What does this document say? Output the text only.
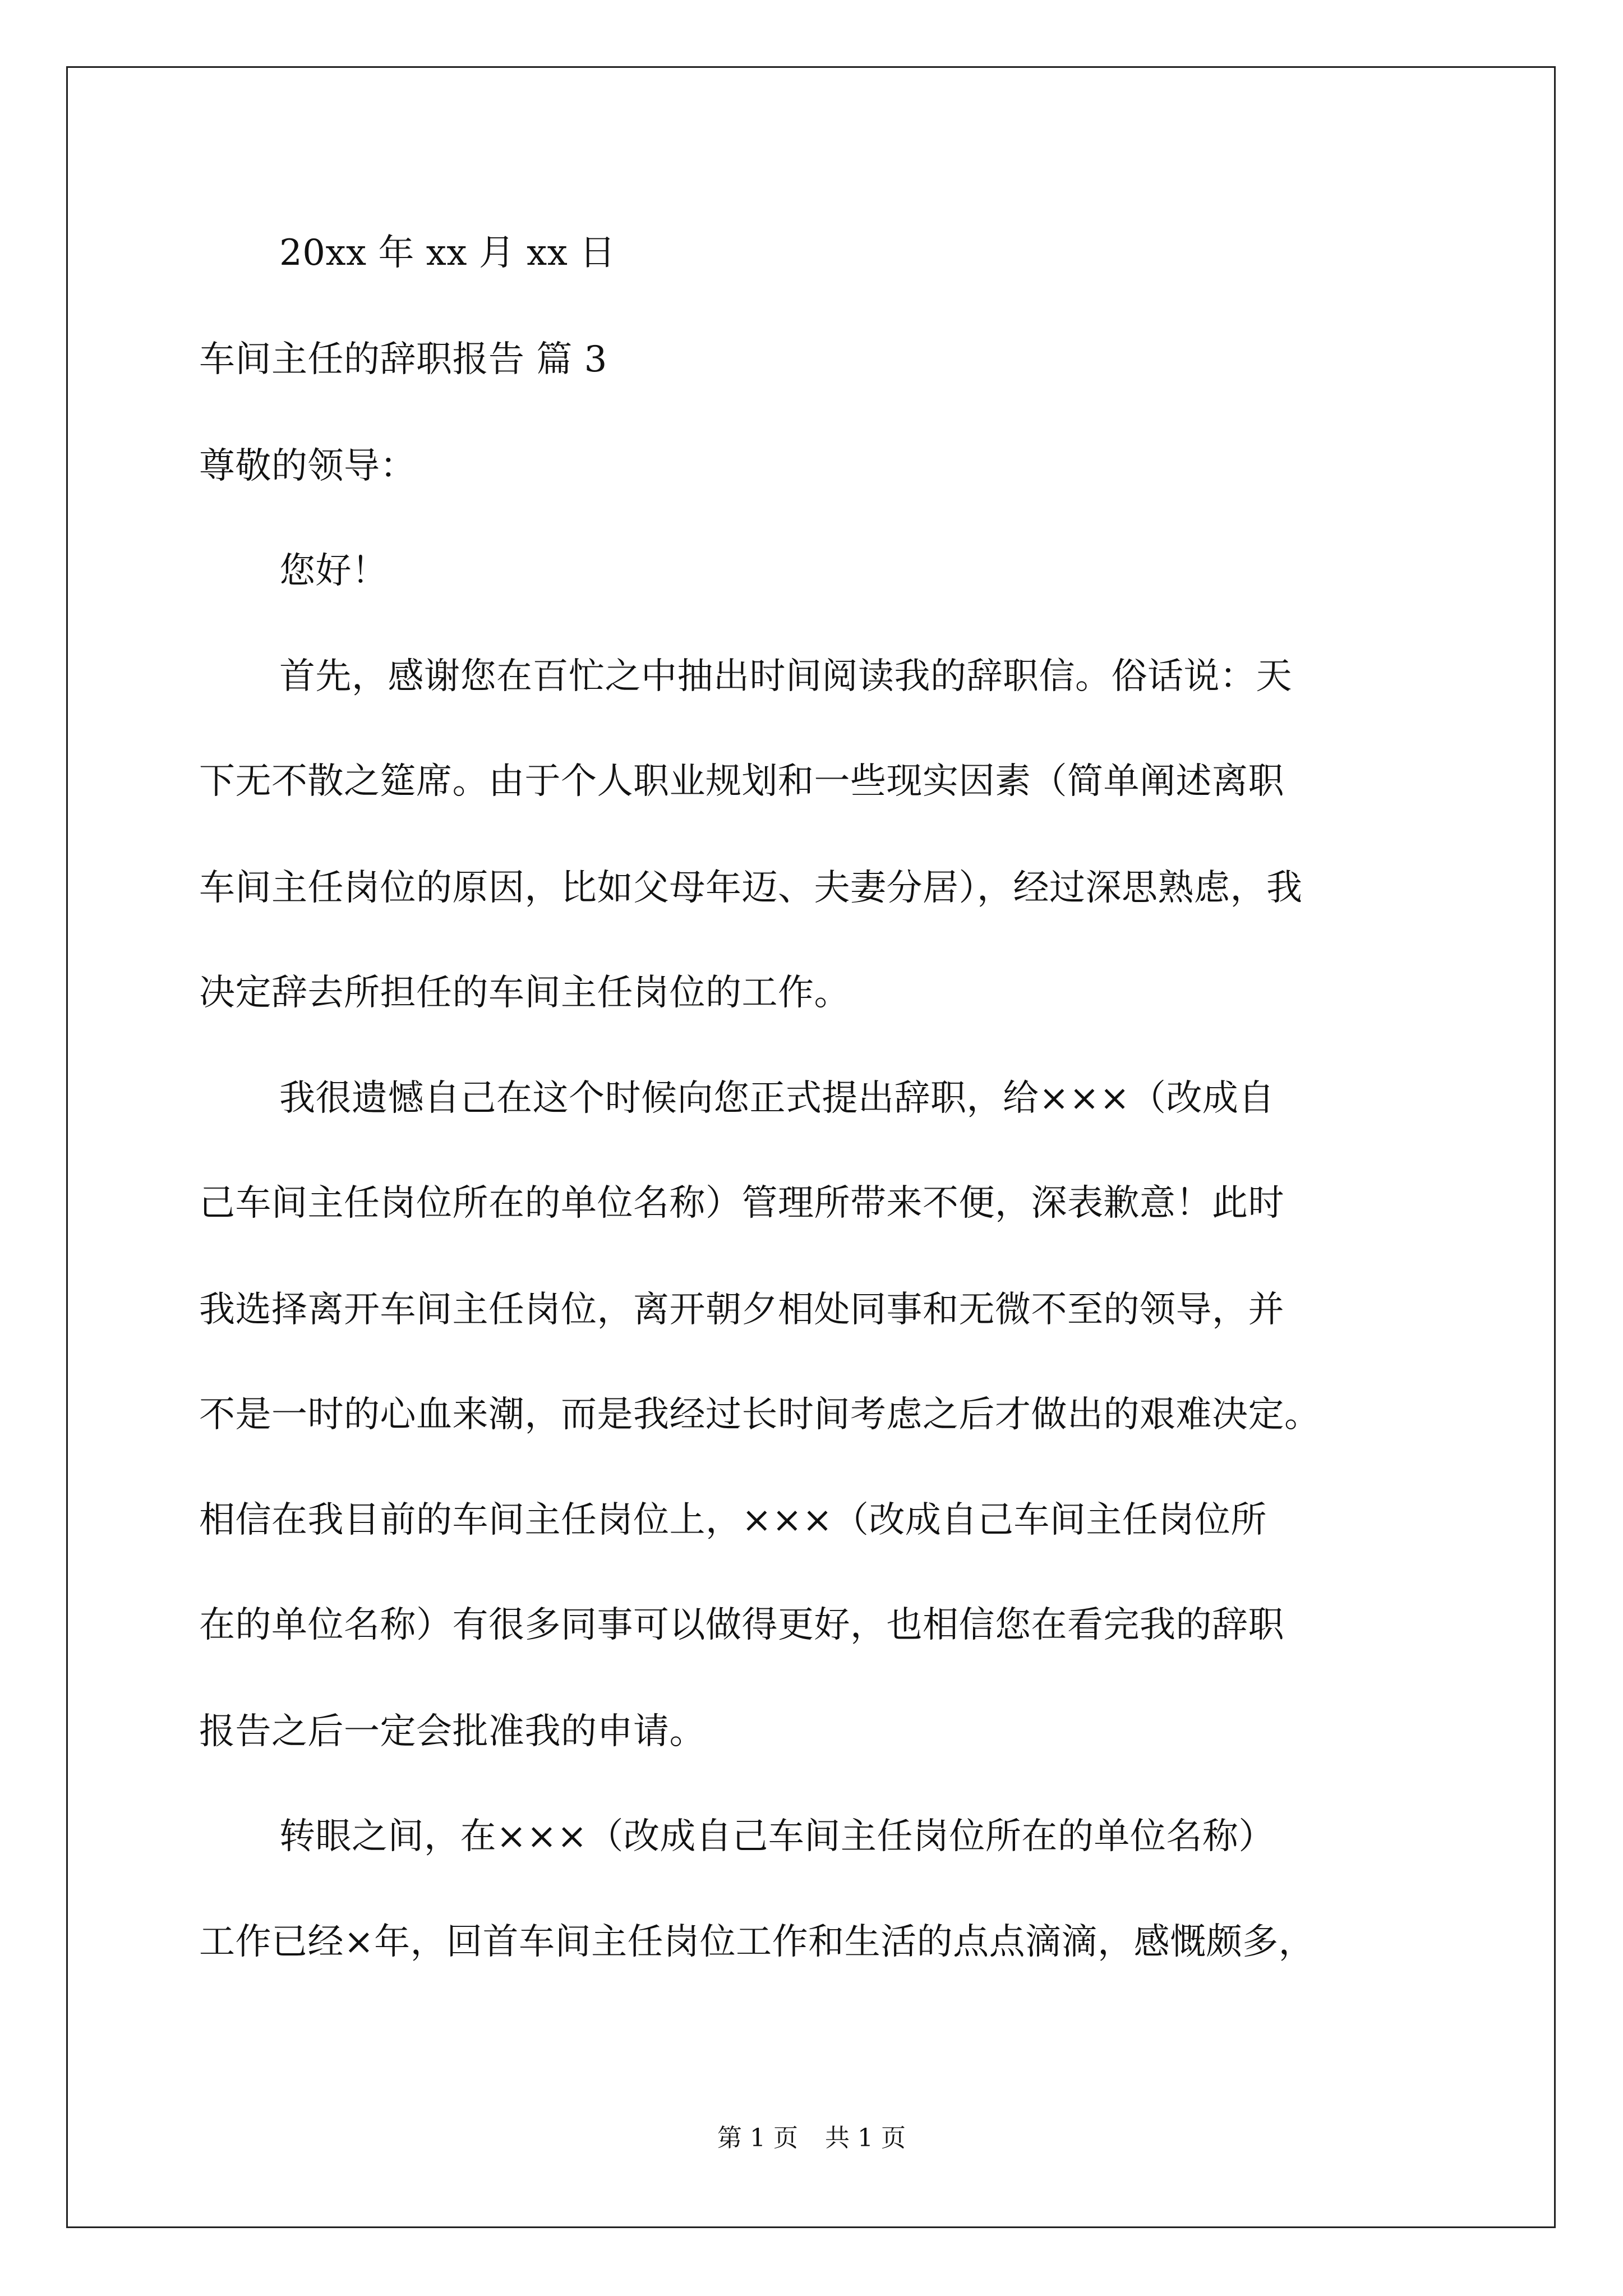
20xx 年 xx 月 xx 日
车间主任的辞职报告 篇 3
尊敬的领导：
您好！
首先，感谢您在百忙之中抽出时间阅读我的辞职信。俗话说：天
下无不散之筵席。由于个人职业规划和一些现实因素（简单阐述离职
车间主任岗位的原因，比如父母年迈、夫妻分居），经过深思熟虑，我
决定辞去所担任的车间主任岗位的工作。
我很遗憾自己在这个时候向您正式提出辞职，给×××（改成自
己车间主任岗位所在的单位名称）管理所带来不便，深表歉意！此时
我选择离开车间主任岗位，离开朝夕相处同事和无微不至的领导，并
不是一时的心血来潮，而是我经过长时间考虑之后才做出的艰难决定。
相信在我目前的车间主任岗位上，×××（改成自己车间主任岗位所
在的单位名称）有很多同事可以做得更好，也相信您在看完我的辞职
报告之后一定会批准我的申请。
转眼之间，在×××（改成自己车间主任岗位所在的单位名称）
工作已经×年，回首车间主任岗位工作和生活的点点滴滴，感慨颇多，
第 1 页 共 1 页
